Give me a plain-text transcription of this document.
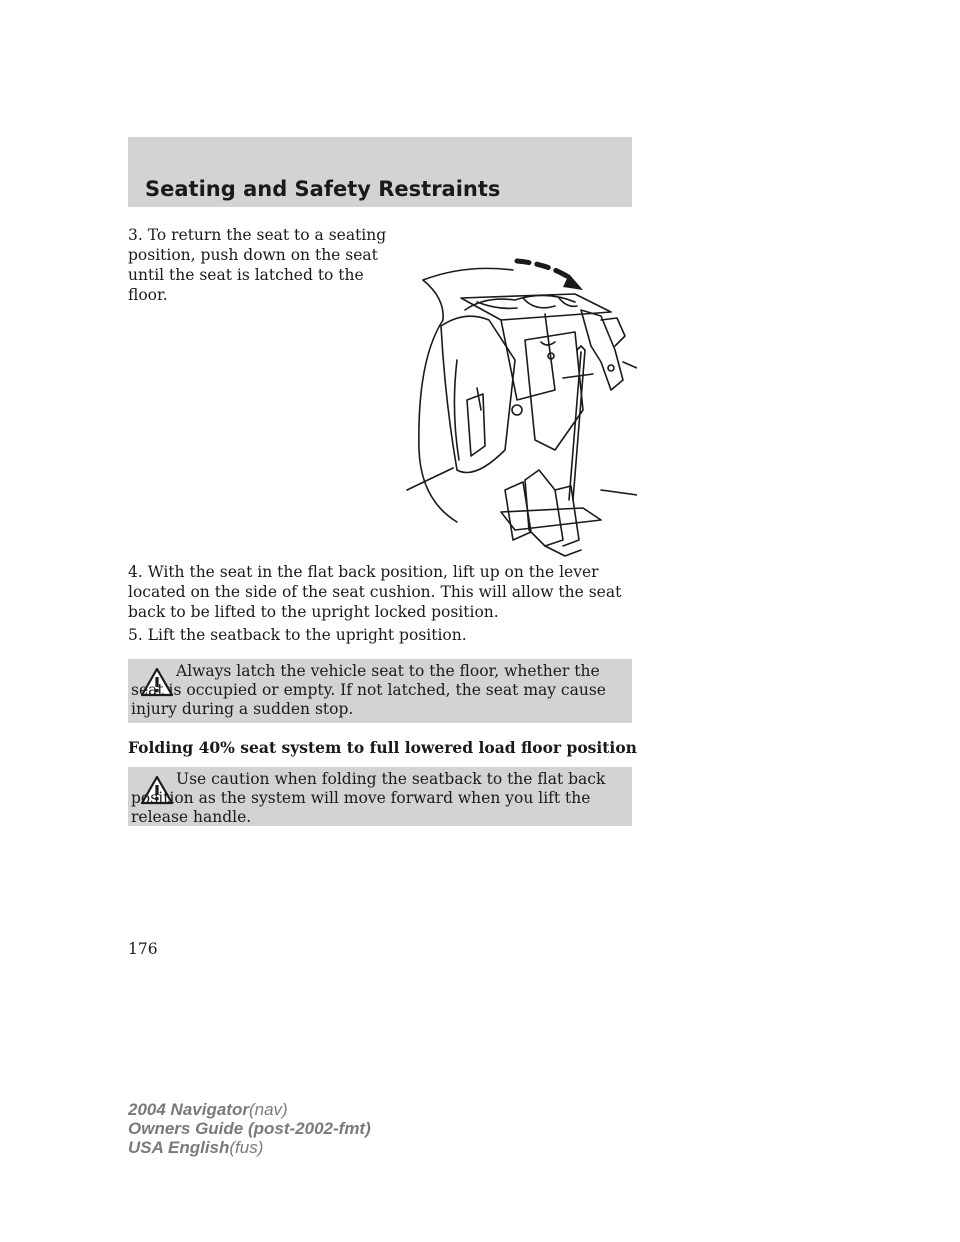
Seating and Safety Restraints
3. To return the seat to a seating position, push down on the seat until the seat is latched to the floor.
4. With the seat in the flat back position, lift up on the lever located on the side of the seat cushion. This will allow the seat back to be lifted to the upright locked position.
5. Lift the seatback to the upright position.
Always latch the vehicle seat to the floor, whether the seat is occupied or empty. If not latched, the seat may cause injury during a sudden stop.
Folding 40% seat system to full lowered load floor position
Use caution when folding the seatback to the flat back position as the system will move forward when you lift the release handle.
176
2004 Navigator(nav)
Owners Guide (post-2002-fmt)
USA English(fus)
